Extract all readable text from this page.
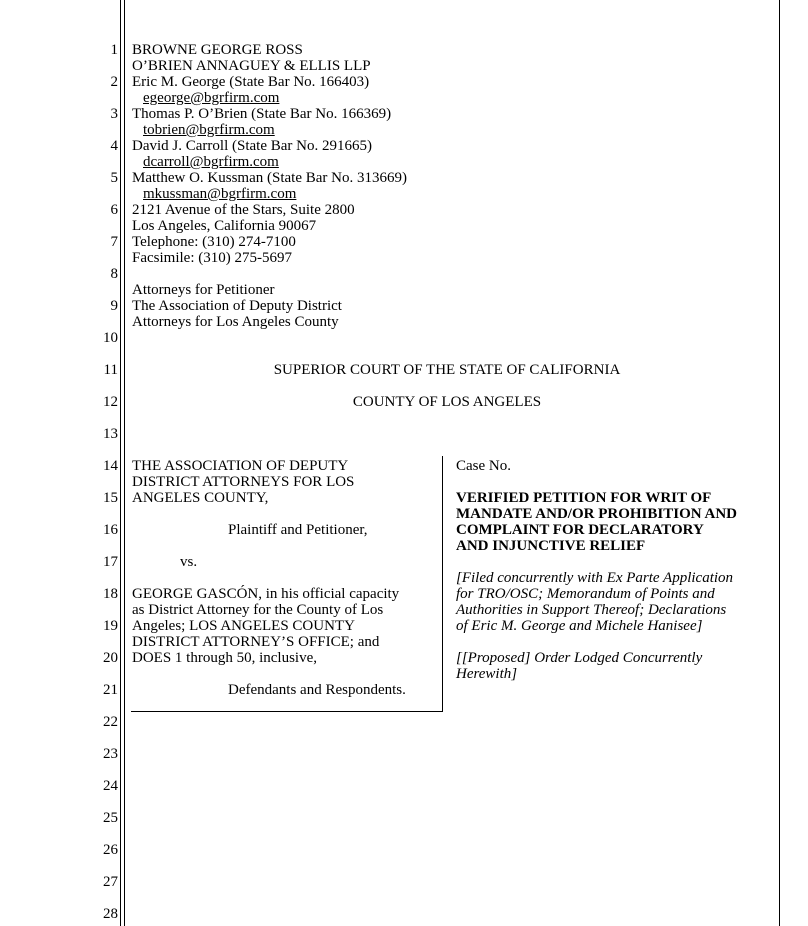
1
2
3
4
5
6
7
8
9
10
11
12
13
14
15
16
17
18
19
20
21
22
23
24
25
26
27
28
BROWNE GEORGE ROSS
O’BRIEN ANNAGUEY & ELLIS LLP
Eric M. George (State Bar No. 166403)
egeorge@bgrfirm.com
Thomas P. O’Brien (State Bar No. 166369)
tobrien@bgrfirm.com
David J. Carroll (State Bar No. 291665)
dcarroll@bgrfirm.com
Matthew O. Kussman (State Bar No. 313669)
mkussman@bgrfirm.com
2121 Avenue of the Stars, Suite 2800
Los Angeles, California 90067
Telephone: (310) 274-7100
Facsimile: (310) 275-5697
Attorneys for Petitioner
The Association of Deputy District
Attorneys for Los Angeles County
SUPERIOR COURT OF THE STATE OF CALIFORNIA
COUNTY OF LOS ANGELES
THE ASSOCIATION OF DEPUTY
DISTRICT ATTORNEYS FOR LOS
ANGELES COUNTY,
Plaintiff and Petitioner,
vs.
GEORGE GASCÓN, in his official capacity
as District Attorney for the County of Los
Angeles; LOS ANGELES COUNTY
DISTRICT ATTORNEY’S OFFICE; and
DOES 1 through 50, inclusive,
Defendants and Respondents.
Case No.
VERIFIED PETITION FOR WRIT OF
MANDATE AND/OR PROHIBITION AND
COMPLAINT FOR DECLARATORY
AND INJUNCTIVE RELIEF
[Filed concurrently with Ex Parte Application
for TRO/OSC; Memorandum of Points and
Authorities in Support Thereof; Declarations
of Eric M. George and Michele Hanisee]
[[Proposed] Order Lodged Concurrently
Herewith]
